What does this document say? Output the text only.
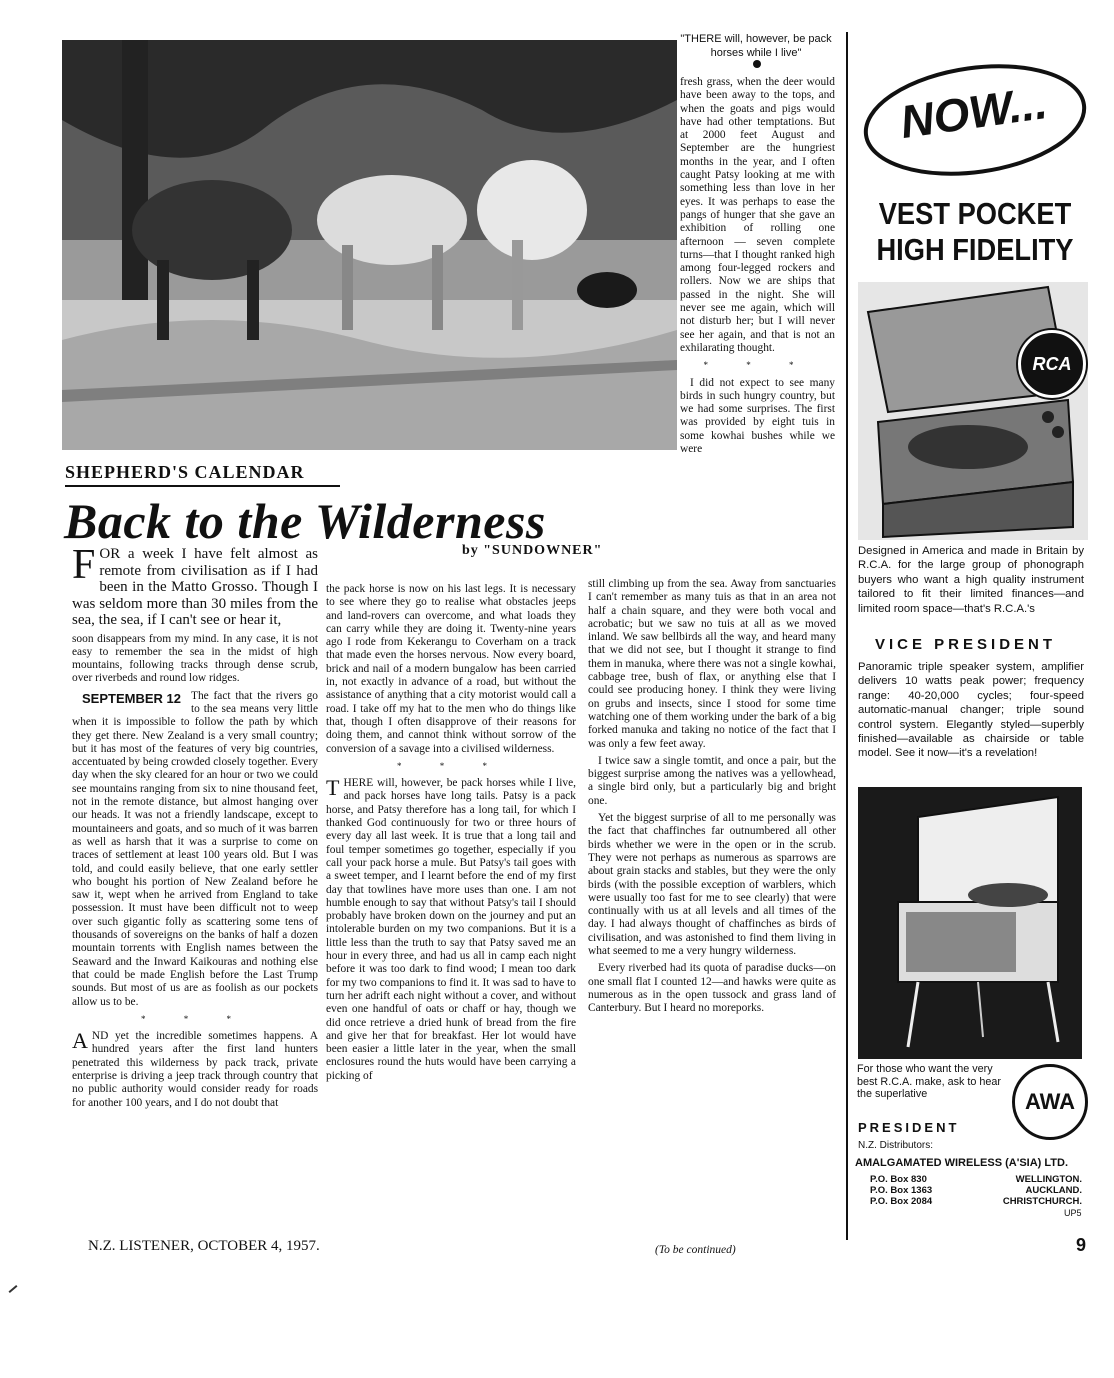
SHEPHERD'S CALENDAR
Back to the Wilderness
by "SUNDOWNER"

FOR a week I have felt almost as remote from civilisation as if I had been in the Matto Grosso. Though I was seldom more than 30 miles from the sea, the sea, if I can't see or hear it,

soon disappears from my mind. In any case, it is not easy to remember the sea in the midst of high mountains, following tracks through dense scrub, over riverbeds and round low ridges.

SEPTEMBER 12 The fact that the rivers go to the sea means very little when it is impossible to follow the path by which they get there. New Zealand is a very small country; but it has most of the features of very big countries, accentuated by being crowded closely together. Every day when the sky cleared for an hour or two we could see mountains ranging from six to nine thousand feet, not in the remote distance, but almost hanging over our heads. It was not a friendly landscape, except to mountaineers and goats, and so much of it was barren as well as harsh that it was a surprise to come on traces of settlement at least 100 years old. But I was told, and could easily believe, that one early settler who bought his portion of New Zealand before he saw it, wept when he arrived from England to take possession. It must have been difficult not to weep over such gigantic folly as scattering some tens of thousands of sovereigns on the banks of half a dozen mountain torrents with English names between the Seaward and the Inward Kaikouras and nothing else that could be made English before the Last Trump sounds. But most of us are as foolish as our pockets allow us to be.

* * *

AND yet the incredible sometimes happens. A hundred years after the first land hunters penetrated this wilderness by pack track, private enterprise is driving a jeep track through country that no public authority would consider ready for roads for another 100 years, and I do not doubt that

the pack horse is now on his last legs. It is necessary to see where they go to realise what obstacles jeeps and land-rovers can overcome, and what loads they can carry while they are doing it. Twenty-nine years ago I rode from Kekerangu to Coverham on a track that made even the horses nervous. Now every board, brick and nail of a modern bungalow has been carried in, not exactly in advance of a road, but without the assistance of anything that a city motorist would call a road. I take off my hat to the men who do things like that, though I often disapprove of their reasons for doing them, and cannot think without sorrow of the conversion of a savage into a civilised wilderness.

* * *

THERE will, however, be pack horses while I live, and pack horses have long tails. Patsy is a pack horse, and Patsy therefore has a long tail, for which I thanked God continuously for two or three hours of every day all last week. It is true that a long tail and foul temper sometimes go together, especially if you call your pack horse a mule. But Patsy's tail goes with a sweet temper, and I learnt before the end of my first day that towlines have more uses than one. I am not humble enough to say that without Patsy's tail I should probably have broken down on the journey and put an intolerable burden on my two companions. But it is a little less than the truth to say that Patsy saved me an hour in every three, and had us all in camp each night before it was too dark to find wood; I mean too dark for my two companions to find it. It was sad to have to turn her adrift each night without a cover, and without even one handful of oats or chaff or hay, though we did once retrieve a dried hunk of bread from the fire and give her that for breakfast. Her lot would have been easier a little later in the year, when the small enclosures round the huts would have been carrying a picking of

"THERE will, however, be pack horses while I live"

fresh grass, when the deer would have been away to the tops, and when the goats and pigs would have had other temptations. But at 2000 feet August and September are the hungriest months in the year, and I often caught Patsy looking at me with something less than love in her eyes. It was perhaps to ease the pangs of hunger that she gave an exhibition of rolling one afternoon — seven complete turns—that I thought ranked high among four-legged rockers and rollers. Now we are ships that passed in the night. She will never see me again, which will not disturb her; but I will never see her again, and that is not an exhilarating thought.

* * *

I did not expect to see many birds in such hungry country, but we had some surprises. The first was provided by eight tuis in some kowhai bushes while we were

still climbing up from the sea. Away from sanctuaries I can't remember as many tuis as that in an area not half a chain square, and they were both vocal and acrobatic; but we saw no tuis at all as we moved inland. We saw bellbirds all the way, and heard many that we did not see, but I thought it strange to find them in manuka, where there was not a single kowhai, cabbage tree, bush of flax, or anything else that I could see producing honey. I think they were living on grubs and insects, since I stood for some time watching one of them working under the bark of a big forked manuka and taking no notice of the fact that I was only a few feet away.

I twice saw a single tomtit, and once a pair, but the biggest surprise among the natives was a yellowhead, a single bird only, but a particularly big and bright one.

Yet the biggest surprise of all to me personally was the fact that chaffinches far outnumbered all other birds whether we were in the open or in the scrub. They were not perhaps as numerous as sparrows are about grain stacks and stables, but they were the only birds (with the possible exception of warblers, which were usually too fast for me to see clearly) that were continually with us at all levels and all times of the day. I had always thought of chaffinches as birds of civilisation, and was astonished to find them living in what seemed to me a very hungry wilderness.

Every riverbed had its quota of paradise ducks—on one small flat I counted 12—and hawks were quite as numerous as in the open tussock and grass land of Canterbury. But I heard no moreporks.

(To be continued)
N.Z. LISTENER, OCTOBER 4, 1957.	9
NOW...
VEST POCKET
HIGH FIDELITY
RCA
Designed in America and made in Britain by R.C.A. for the large group of phonograph buyers who want a high quality instrument tailored to fit their limited finances—and limited room space—that's R.C.A.'s
VICE PRESIDENT
Panoramic triple speaker system, amplifier delivers 10 watts peak power; frequency range: 40-20,000 cycles; four-speed automatic-manual changer; triple sound control system. Elegantly styled—superbly finished—available as chairside or table model. See it now—it's a revelation!
For those who want the very best R.C.A. make, ask to hear the superlative	AWA
PRESIDENT
N.Z. Distributors:
AMALGAMATED WIRELESS (A'SIA) LTD.
P.O. Box 830	WELLINGTON.
P.O. Box 1363	AUCKLAND.
P.O. Box 2084	CHRISTCHURCH.
UP5
